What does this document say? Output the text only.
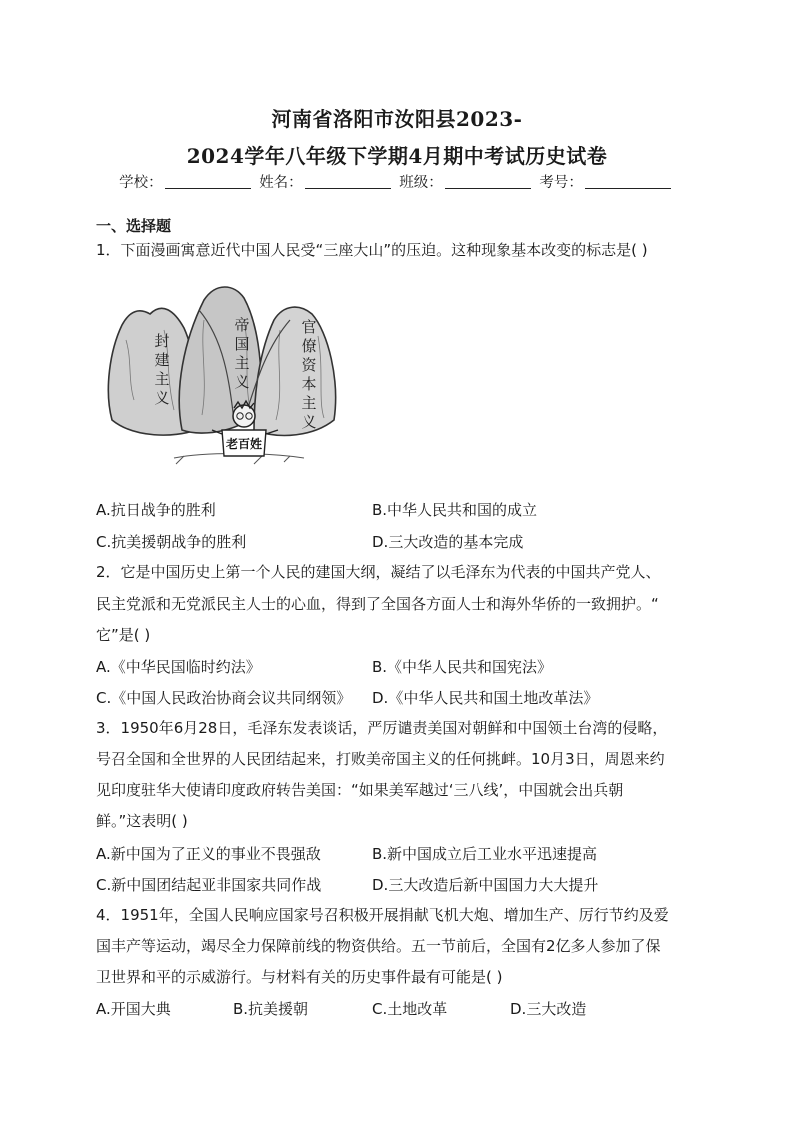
河南省洛阳市汝阳县2023-
2024学年八年级下学期4月期中考试历史试卷
学校：	姓名：	班级：	考号：
一、选择题
1．下面漫画寓意近代中国人民受“三座大山”的压迫。这种现象基本改变的标志是( )
封建主义
帝国主义
官僚资本主义
老百姓
A.抗日战争的胜利	B.中华人民共和国的成立
C.抗美援朝战争的胜利	D.三大改造的基本完成
2．它是中国历史上第一个人民的建国大纲，凝结了以毛泽东为代表的中国共产党人、
民主党派和无党派民主人士的心血，得到了全国各方面人士和海外华侨的一致拥护。“
它”是( )
A.《中华民国临时约法》	B.《中华人民共和国宪法》
C.《中国人民政治协商会议共同纲领》 D.《中华人民共和国土地改革法》
3．1950年6月28日，毛泽东发表谈话，严厉谴责美国对朝鲜和中国领土台湾的侵略，
号召全国和全世界的人民团结起来，打败美帝国主义的任何挑衅。10月3日，周恩来约
见印度驻华大使请印度政府转告美国：“如果美军越过‘三八线’，中国就会出兵朝
鲜。”这表明( )
A.新中国为了正义的事业不畏强敌	B.新中国成立后工业水平迅速提高
C.新中国团结起亚非国家共同作战	D.三大改造后新中国国力大大提升
4．1951年，全国人民响应国家号召积极开展捐献飞机大炮、增加生产、厉行节约及爱
国丰产等运动，竭尽全力保障前线的物资供给。五一节前后，全国有2亿多人参加了保
卫世界和平的示威游行。与材料有关的历史事件最有可能是( )
A.开国大典	B.抗美援朝	C.土地改革	D.三大改造
